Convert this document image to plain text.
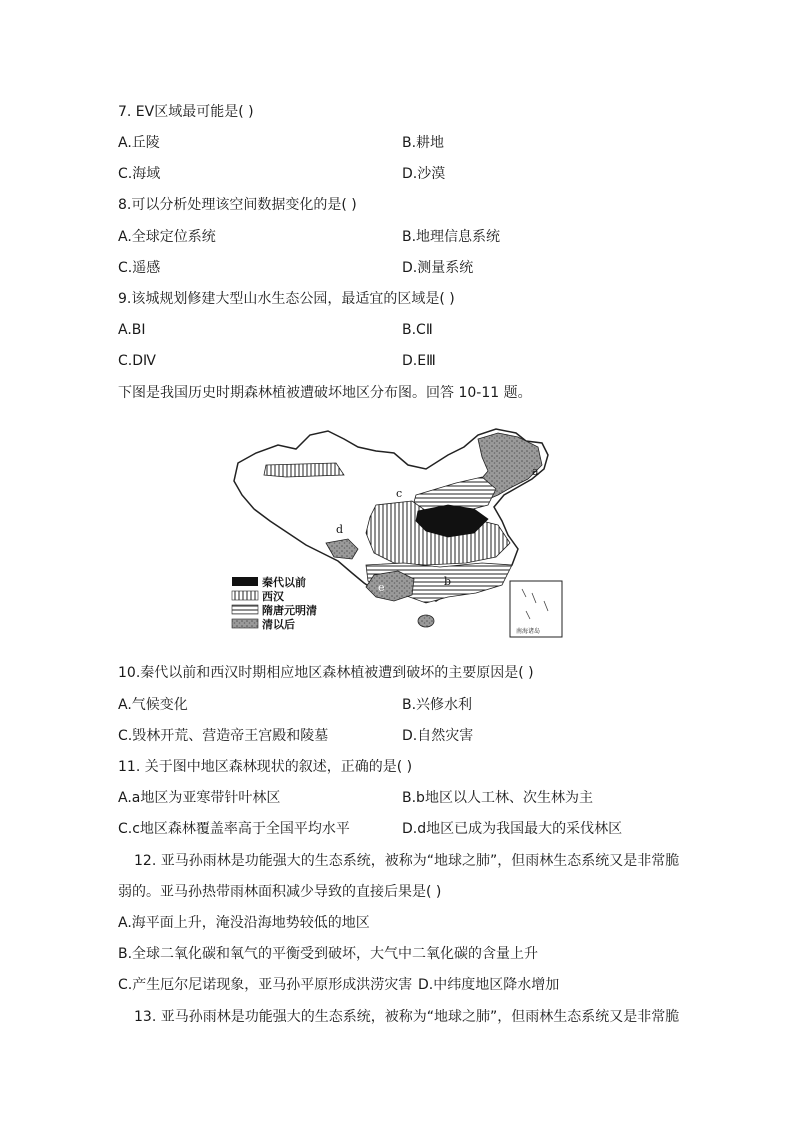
7. EV区域最可能是( )
A.丘陵	B.耕地
C.海域	D.沙漠
8.可以分析处理该空间数据变化的是( )
A.全球定位系统	B.地理信息系统
C.遥感	D.测量系统
9.该城规划修建大型山水生态公园，最适宜的区域是( )
A.BⅠ	B.CⅡ
C.DⅣ	D.EⅢ
下图是我国历史时期森林植被遭破坏地区分布图。回答 10-11 题。
a
b
c
d
e
秦代以前
西汉
隋唐元明清
清以后
南海诸岛
10.秦代以前和西汉时期相应地区森林植被遭到破坏的主要原因是( )
A.气候变化	B.兴修水利
C.毁林开荒、营造帝王宫殿和陵墓	D.自然灾害
11. 关于图中地区森林现状的叙述，正确的是( )
A.a地区为亚寒带针叶林区	B.b地区以人工林、次生林为主
C.c地区森林覆盖率高于全国平均水平	D.d地区已成为我国最大的采伐林区
12. 亚马孙雨林是功能强大的生态系统，被称为“地球之肺”，但雨林生态系统又是非常脆
弱的。亚马孙热带雨林面积减少导致的直接后果是( )
A.海平面上升，淹没沿海地势较低的地区
B.全球二氧化碳和氧气的平衡受到破坏，大气中二氧化碳的含量上升
C.产生厄尔尼诺现象，亚马孙平原形成洪涝灾害 D.中纬度地区降水增加
13. 亚马孙雨林是功能强大的生态系统，被称为“地球之肺”，但雨林生态系统又是非常脆
